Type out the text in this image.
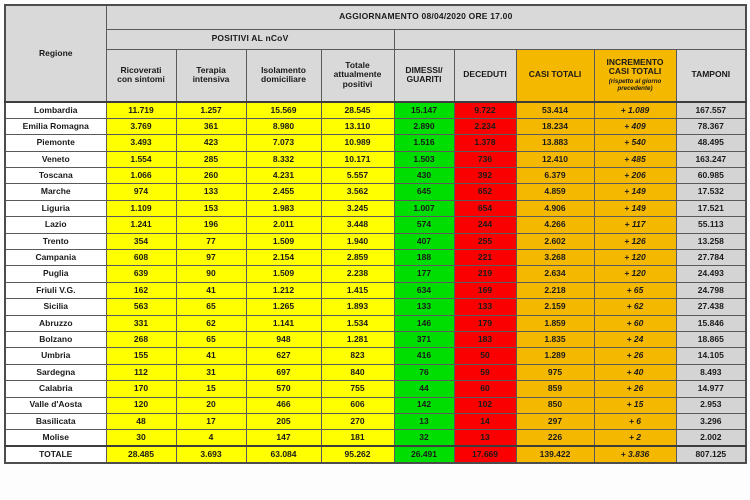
Regione	AGGIORNAMENTO 08/04/2020 ORE 17.00								
	POSITIVI AL nCoV								

	Ricoverati
con sintomi	Terapia
intensiva	Isolamento
domiciliare	Totale
attualmente
positivi	DIMESSI/
GUARITI	DECEDUTI	CASI TOTALI	INCREMENTO
CASI TOTALI
(rispetto al giorno precedente)	TAMPONI

Lombardia	11.719	1.257	15.569	28.545	15.147	9.722	53.414	+ 1.089	167.557
Emilia Romagna	3.769	361	8.980	13.110	2.890	2.234	18.234	+ 409	78.367
Piemonte	3.493	423	7.073	10.989	1.516	1.378	13.883	+ 540	48.495
Veneto	1.554	285	8.332	10.171	1.503	736	12.410	+ 485	163.247
Toscana	1.066	260	4.231	5.557	430	392	6.379	+ 206	60.985
Marche	974	133	2.455	3.562	645	652	4.859	+ 149	17.532
Liguria	1.109	153	1.983	3.245	1.007	654	4.906	+ 149	17.521
Lazio	1.241	196	2.011	3.448	574	244	4.266	+ 117	55.113
Trento	354	77	1.509	1.940	407	255	2.602	+ 126	13.258
Campania	608	97	2.154	2.859	188	221	3.268	+ 120	27.784
Puglia	639	90	1.509	2.238	177	219	2.634	+ 120	24.493
Friuli V.G.	162	41	1.212	1.415	634	169	2.218	+ 65	24.798
Sicilia	563	65	1.265	1.893	133	133	2.159	+ 62	27.438
Abruzzo	331	62	1.141	1.534	146	179	1.859	+ 60	15.846
Bolzano	268	65	948	1.281	371	183	1.835	+ 24	18.865
Umbria	155	41	627	823	416	50	1.289	+ 26	14.105
Sardegna	112	31	697	840	76	59	975	+ 40	8.493
Calabria	170	15	570	755	44	60	859	+ 26	14.977
Valle d'Aosta	120	20	466	606	142	102	850	+ 15	2.953
Basilicata	48	17	205	270	13	14	297	+ 6	3.296
Molise	30	4	147	181	32	13	226	+ 2	2.002
TOTALE	28.485	3.693	63.084	95.262	26.491	17.669	139.422	+ 3.836	807.125
